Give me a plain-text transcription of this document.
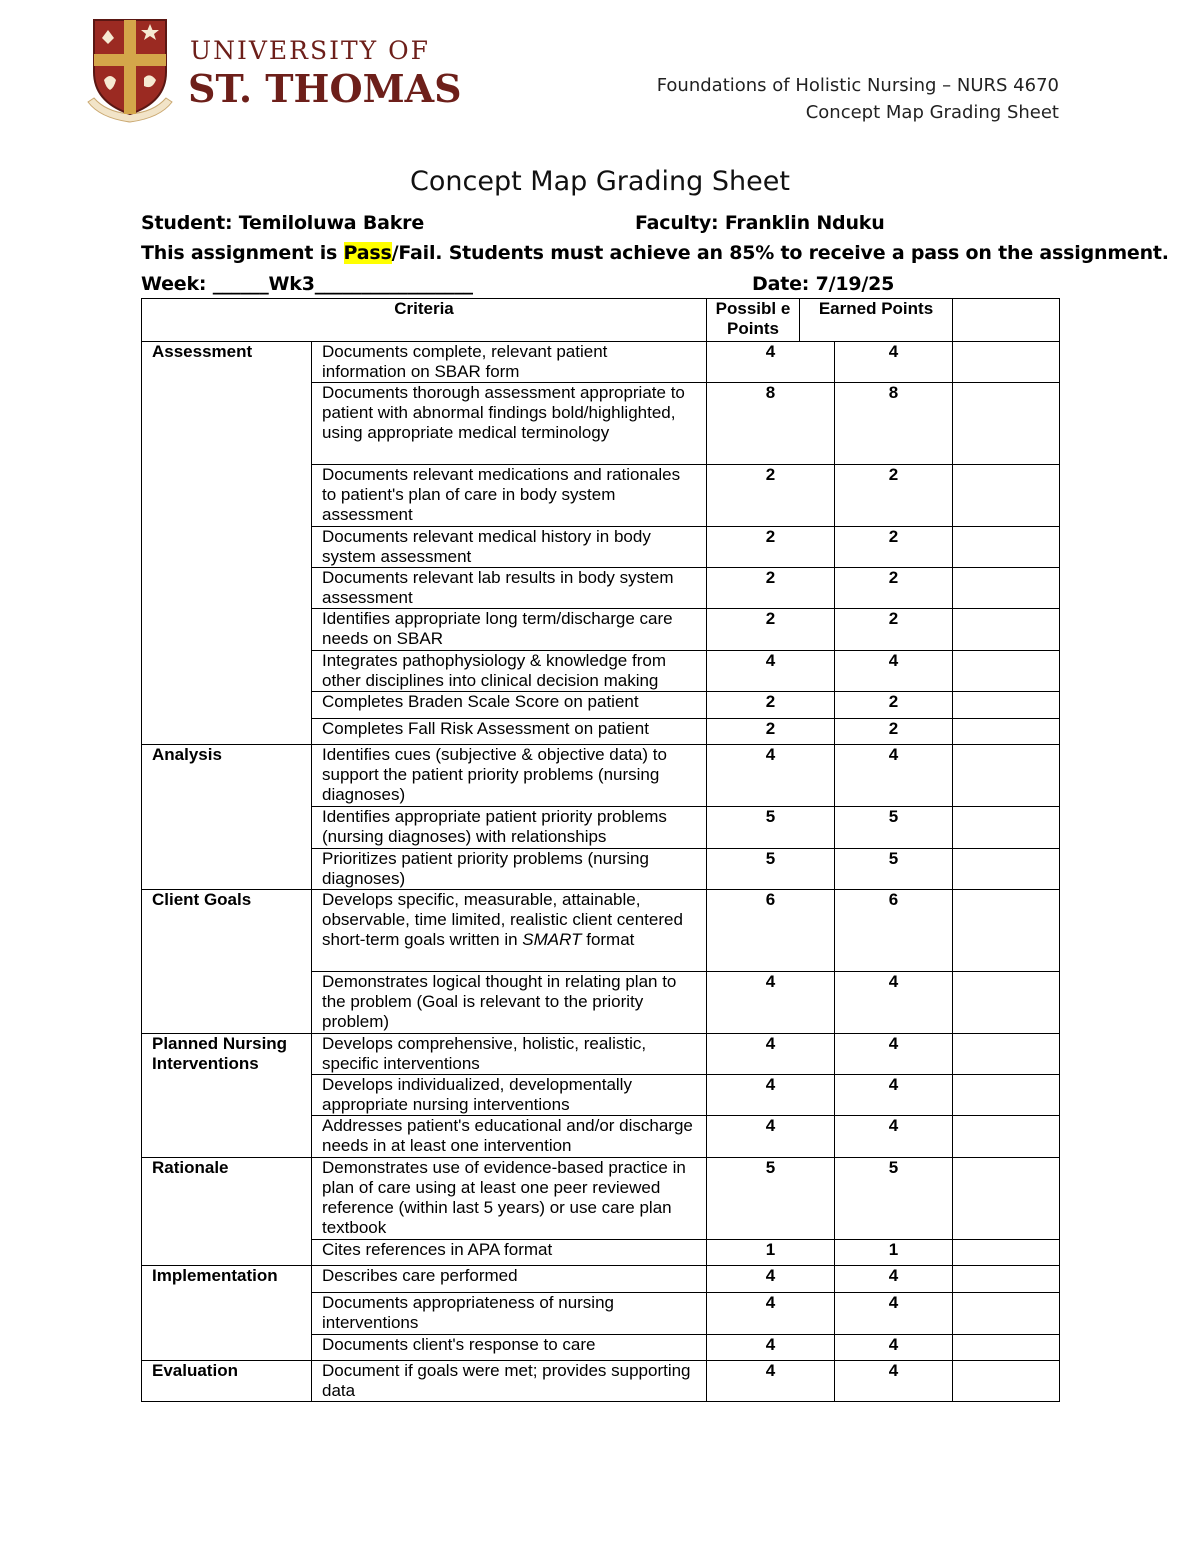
UNIVERSITY OF
ST. THOMAS	Foundations of Holistic Nursing – NURS 4670
Concept Map Grading Sheet
Concept Map Grading Sheet
Student: Temiloluwa Bakre	Faculty: Franklin Nduku
This assignment is Pass/Fail. Students must achieve an 85% to receive a pass on the assignment.
Week: ______Wk3_________________	Date: 7/19/25
Criteria		Possibl e Points	Earned Points		
Assessment	Documents complete, relevant patient information on SBAR form	4		4	
	Documents thorough assessment appropriate to patient with abnormal findings bold/highlighted, using appropriate medical terminology	8		8	
	Documents relevant medications and rationales to patient's plan of care in body system assessment	2		2	
	Documents relevant medical history in body system assessment	2		2	
	Documents relevant lab results in body system assessment	2		2	
	Identifies appropriate long term/discharge care needs on SBAR	2		2	
	Integrates pathophysiology & knowledge from other disciplines into clinical decision making	4		4	
	Completes Braden Scale Score on patient	2		2	
	Completes Fall Risk Assessment on patient	2		2	
Analysis	Identifies cues (subjective & objective data) to support the patient priority problems (nursing diagnoses)	4		4	
	Identifies appropriate patient priority problems (nursing diagnoses) with relationships	5		5	
	Prioritizes patient priority problems (nursing diagnoses)	5		5	
Client Goals	Develops specific, measurable, attainable, observable, time limited, realistic client centered short-term goals written in SMART format	6		6	
	Demonstrates logical thought in relating plan to the problem (Goal is relevant to the priority problem)	4		4	
Planned Nursing Interventions	Develops comprehensive, holistic, realistic, specific interventions	4		4	
	Develops individualized, developmentally appropriate nursing interventions	4		4	
	Addresses patient's educational and/or discharge needs in at least one intervention	4		4	
Rationale	Demonstrates use of evidence-based practice in plan of care using at least one peer reviewed reference (within last 5 years) or use care plan textbook	5		5	
	Cites references in APA format	1		1	
Implementation	Describes care performed	4		4	
	Documents appropriateness of nursing interventions	4		4	
	Documents client's response to care	4		4	
Evaluation	Document if goals were met; provides supporting data	4		4	
